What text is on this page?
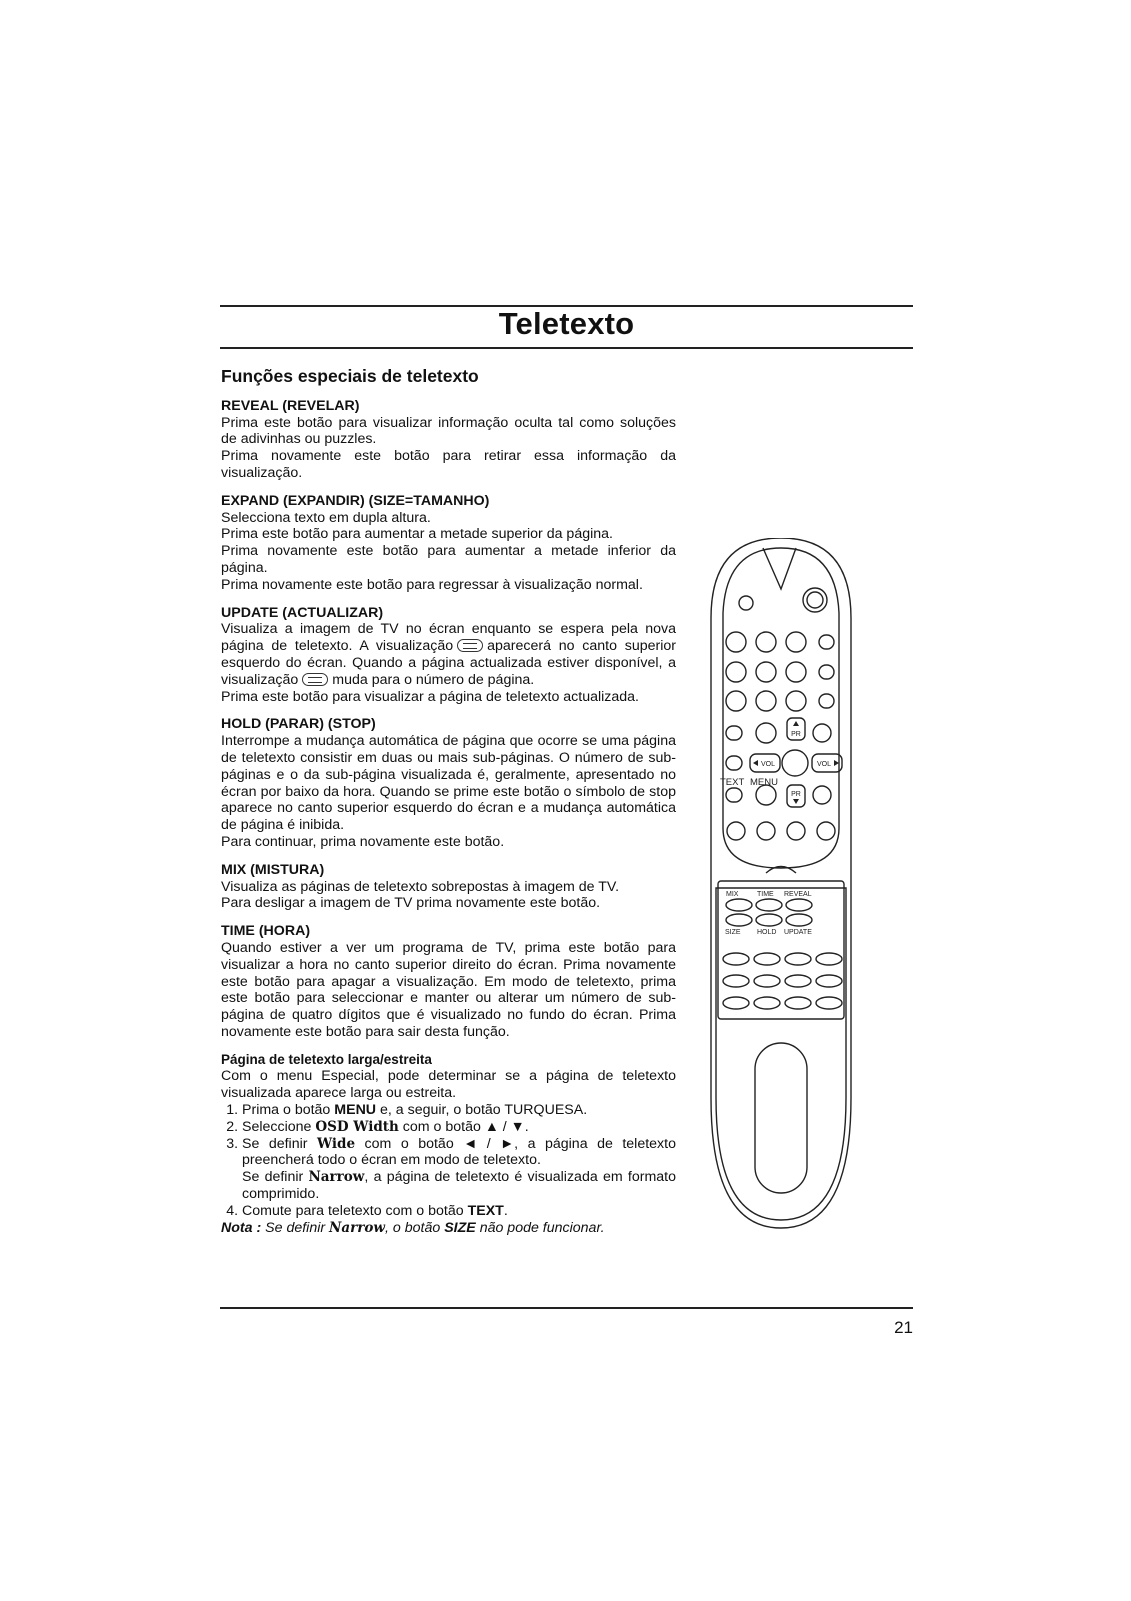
Teletexto
Funções especiais de teletexto
REVEAL (REVELAR)

Prima este botão para visualizar informação oculta tal como soluções de adivinhas ou puzzles.

Prima novamente este botão para retirar essa informação da visualização.

EXPAND (EXPANDIR) (SIZE=TAMANHO)

Selecciona texto em dupla altura.

Prima este botão para aumentar a metade superior da página.

Prima novamente este botão para aumentar a metade inferior da página.

Prima novamente este botão para regressar à visualização normal.

UPDATE (ACTUALIZAR)

Visualiza a imagem de TV no écran enquanto se espera pela nova página de teletexto. A visualização aparecerá no canto superior esquerdo do écran. Quando a página actualizada estiver disponível, a visualização muda para o número de página.

Prima este botão para visualizar a página de teletexto actualizada.

HOLD (PARAR) (STOP)

Interrompe a mudança automática de página que ocorre se uma página de teletexto consistir em duas ou mais sub-páginas. O número de sub-páginas e o da sub-página visualizada é, geralmente, apresentado no écran por baixo da hora. Quando se prime este botão o símbolo de stop aparece no canto superior esquerdo do écran e a mudança automática de página é inibida.

Para continuar, prima novamente este botão.

MIX (MISTURA)

Visualiza as páginas de teletexto sobrepostas à imagem de TV.

Para desligar a imagem de TV prima novamente este botão.

TIME (HORA)

Quando estiver a ver um programa de TV, prima este botão para visualizar a hora no canto superior direito do écran. Prima novamente este botão para apagar a visualização. Em modo de teletexto, prima este botão para seleccionar e manter ou alterar um número de sub-página de quatro dígitos que é visualizado no fundo do écran. Prima novamente este botão para sair desta função.

Página de teletexto larga/estreita

Com o menu Especial, pode determinar se a página de teletexto visualizada aparece larga ou estreita.

1. Prima o botão MENU e, a seguir, o botão TURQUESA.
2. Seleccione OSD Width com o botão ▲ / ▼.
3. Se definir Wide com o botão ◄ / ►, a página de teletexto preencherá todo o écran em modo de teletexto.
Se definir Narrow, a página de teletexto é visualizada em formato comprimido.
4. Comute para teletexto com o botão TEXT.

Nota : Se definir Narrow, o botão SIZE não pode funcionar.

PR
VOL	VOL
TEXT MENU
PR
MIX	TIME REVEAL
SIZE HOLD UPDATE
21
